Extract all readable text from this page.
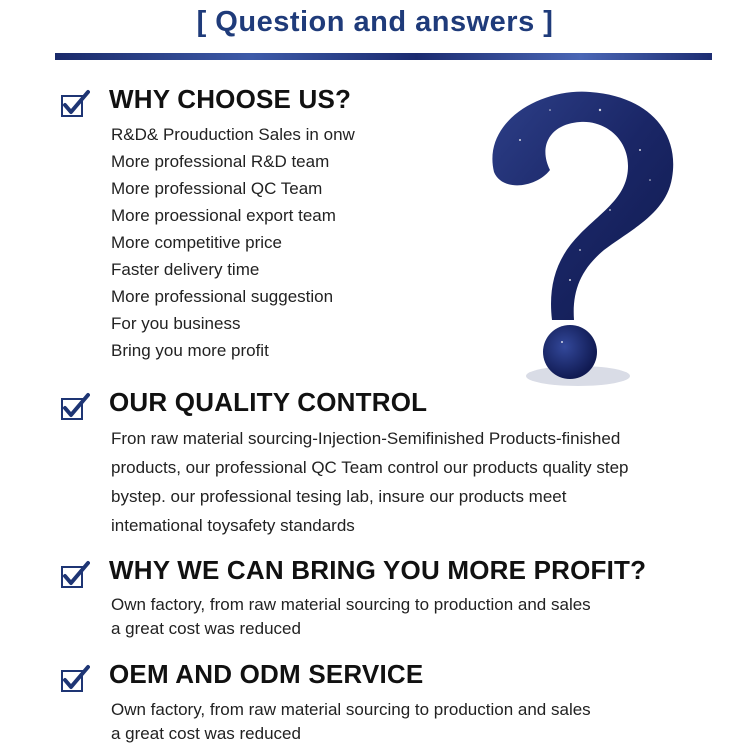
[ Question and answers ]
WHY CHOOSE US?
R&D& Prouduction Sales in onw
More professional R&D team
More professional QC Team
More proessional export team
More competitive price
Faster delivery time
More professional suggestion
For you business
Bring you more profit
OUR QUALITY CONTROL
Fron raw material sourcing-Injection-Semifinished Products-finished
products, our professional QC Team control our products quality step
bystep. our professional tesing lab, insure our products meet
intemational toysafety standards
WHY WE CAN BRING YOU MORE PROFIT?
Own factory, from raw material sourcing to production and sales
a great cost was reduced
OEM AND ODM SERVICE
Own factory, from raw material sourcing to production and sales
a great cost was reduced
